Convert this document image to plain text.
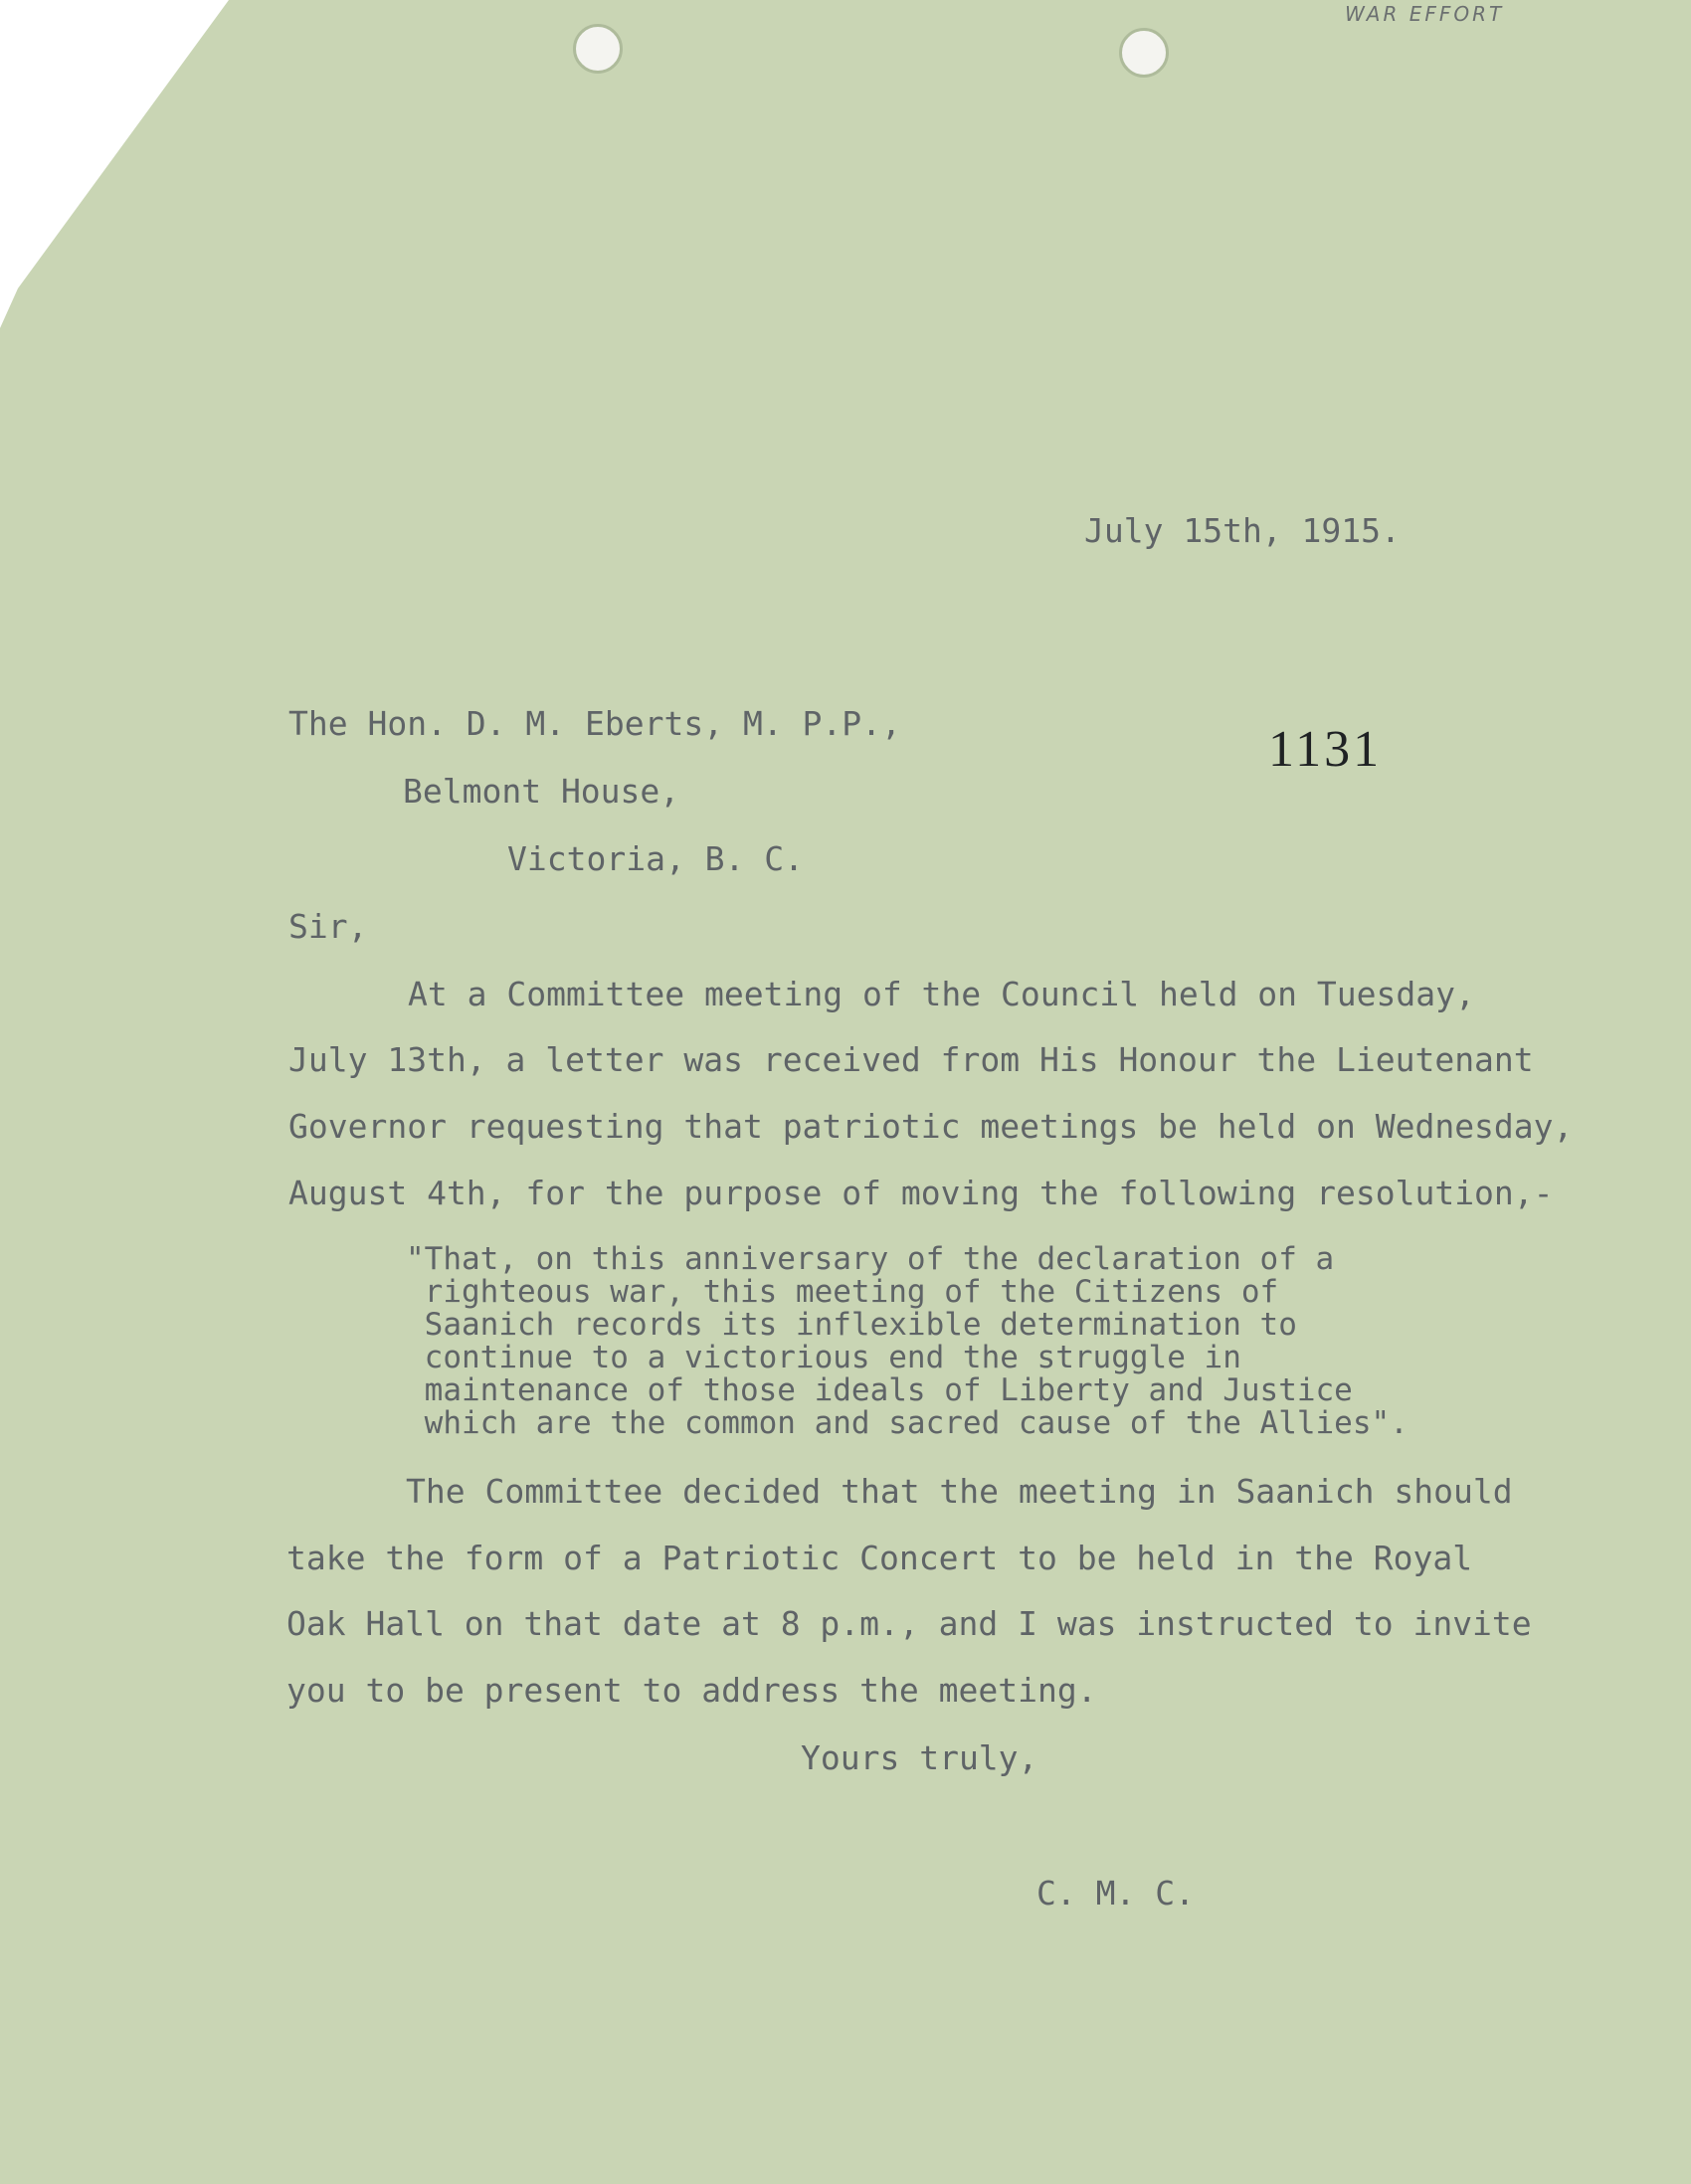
WAR EFFORT

July 15th, 1915.

1131

The Hon. D. M. Eberts, M. P.P.,

Belmont House,

Victoria, B. C.

Sir,

At a Committee meeting of the Council held on Tuesday,

July 13th, a letter was received from His Honour the Lieutenant

Governor requesting that patriotic meetings be held on Wednesday,

August 4th, for the purpose of moving the following resolution,-

"That, on this anniversary of the declaration of a

righteous war, this meeting of the Citizens of

Saanich records its inflexible determination to

continue to a victorious end the struggle in

maintenance of those ideals of Liberty and Justice

which are the common and sacred cause of the Allies".

The Committee decided that the meeting in Saanich should

take the form of a Patriotic Concert to be held in the Royal

Oak Hall on that date at 8 p.m., and I was instructed to invite

you to be present to address the meeting.

Yours truly,

C. M. C.
